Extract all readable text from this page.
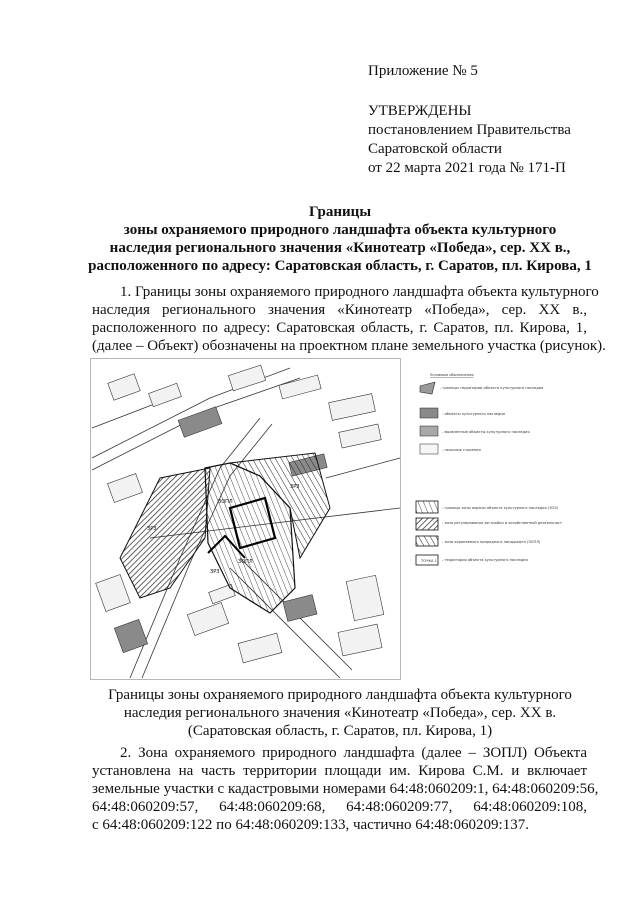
Приложение № 5
УТВЕРЖДЕНЫ
постановлением Правительства
Саратовской области
от 22 марта 2021 года № 171-П
Границы
зоны охраняемого природного ландшафта объекта культурного
наследия регионального значения «Кинотеатр «Победа», сер. XX в.,
расположенного по адресу: Саратовская область, г. Саратов, пл. Кирова, 1
1. Границы зоны охраняемого природного ландшафта объекта культурного
наследия регионального значения «Кинотеатр «Победа», сер. XX в.,
расположенного по адресу: Саратовская область, г. Саратов, пл. Кирова, 1,
(далее – Объект) обозначены на проектном плане земельного участка (рисунок).
ЗРЗ
ЗОПЛ
ЗОПЛ
ЗРЗ
ЗРЗ
Условные обозначения
- границы территории объекта культурного наследия
- объекты культурного наследия
- выявленные объекты культурного наследия
- нежилые строения
- граница зоны охраны объекта культурного наследия (ЗОЗ)
- зона регулирования застройки и хозяйственной деятельности (ЗРЗ)
- зона охраняемого природного ландшафта (ЗОПЛ)
ТОЧКА 1 - территория объекта культурного наследия
Границы зоны охраняемого природного ландшафта объекта культурного
наследия регионального значения «Кинотеатр «Победа», сер. XX в.
(Саратовская область, г. Саратов, пл. Кирова, 1)
2. Зона охраняемого природного ландшафта (далее – ЗОПЛ) Объекта
установлена на часть территории площади им. Кирова С.М. и включает
земельные участки с кадастровыми номерами 64:48:060209:1, 64:48:060209:56,
64:48:060209:57, 64:48:060209:68, 64:48:060209:77, 64:48:060209:108,
с 64:48:060209:122 по 64:48:060209:133, частично 64:48:060209:137.
